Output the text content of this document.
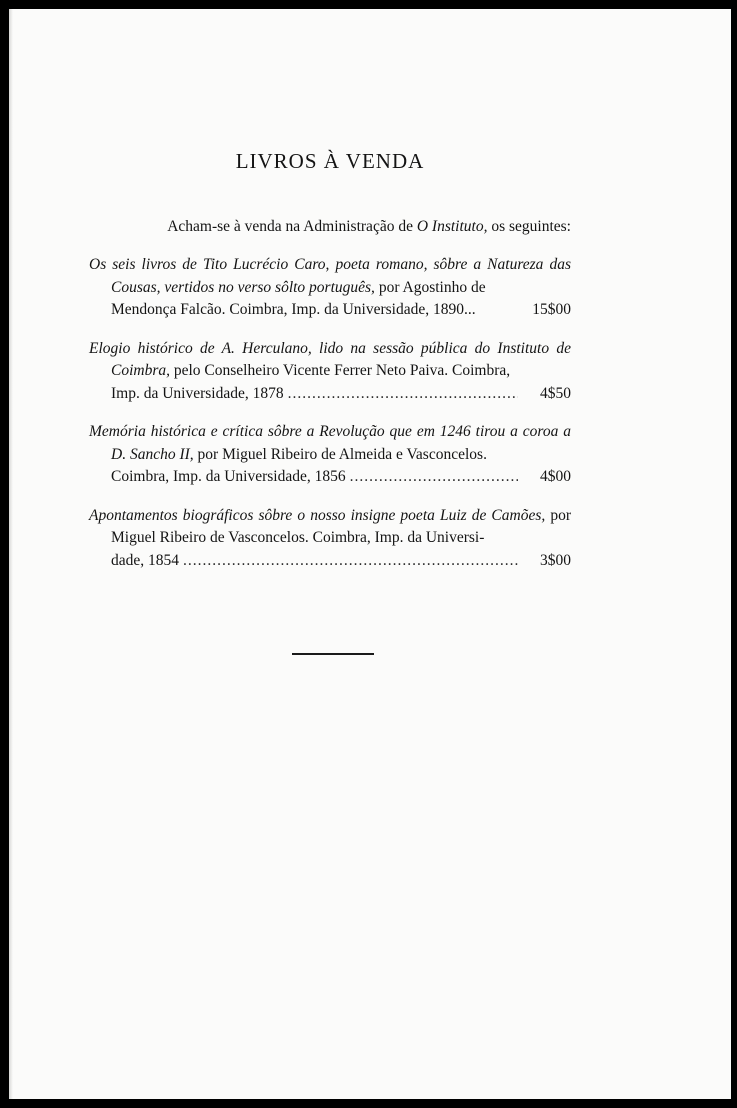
LIVROS À VENDA

Acham-se à venda na Administração de O Instituto, os seguintes:

Os seis livros de Tito Lucrécio Caro, poeta romano, sôbre a Natureza das Cousas, vertidos no verso sôlto português, por Agostinho de
Mendonça Falcão. Coimbra, Imp. da Universidade, 1890...	15$00
Elogio histórico de A. Herculano, lido na sessão pública do Instituto de Coimbra, pelo Conselheiro Vicente Ferrer Neto Paiva. Coimbra,
Imp. da Universidade, 1878 .....	4$50
Memória histórica e crítica sôbre a Revolução que em 1246 tirou a coroa a D. Sancho II, por Miguel Ribeiro de Almeida e Vasconcelos.
Coimbra, Imp. da Universidade, 1856 .....	4$00
Apontamentos biográficos sôbre o nosso insigne poeta Luiz de Camões, por Miguel Ribeiro de Vasconcelos. Coimbra, Imp. da Universi-
dade, 1854 .....	3$00
